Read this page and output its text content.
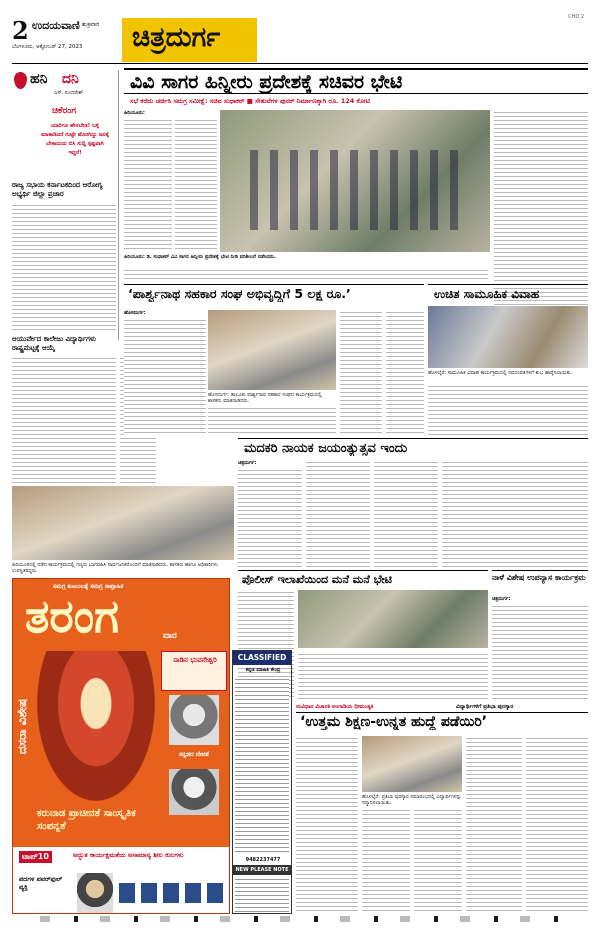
2 ಉದಯವಾಣಿ ಶುಕ್ರವಾರ
ಬೆಂಗಳೂರು, ಅಕ್ಟೋಬರ್ 27, 2023 ಚಿತ್ರದುರ್ಗ
CHD 2
ಹನಿ ದನಿ
ಎಸ್. ಸುಂದರೇಶ್
ಚಿಕೆರಂಗ
ಯಾರಿಗೂ ಹೇಳಬೇಡ! ಬಳ್ಳಿ ಮಾತಾಡಿದರೆ ಗುಟ್ಟೇ ಹೊರಗಿದ್ದು ಜನಕ್ಕೆ ಬೇಕಾದುದು ಬಿಸಿ ಸುದ್ದಿ ಸ್ಪಷ್ಟವಾಗಿ ಇದ್ದರೆ!
ರಾಜ್ಯ ಸಭಾಯ ಕರ್ನಾಟಕದಿಂದ ಆರೋಗ್ಯ ಅಭ್ಯರ್ಥಿ ಜಿಲ್ಲಾ ಪ್ರಚಾರ
ಆಯುರ್ವೇದ ಕಾಲೇಜು ವಿದ್ಯಾರ್ಥಿಗಳು ರಾಷ್ಟ್ರಮಟ್ಟಕ್ಕೆ ಆಯ್ಕೆ
ವಿವಿ ಸಾಗರ ಹಿನ್ನೀರು ಪ್ರದೇಶಕ್ಕೆ ಸಚಿವರ ಭೇಟಿ
ಸಭೆ ಕರೆದು ಚರ್ಚಿಸಿ ಸಮಗ್ರ ಸಮೀಕ್ಷೆ: ಸಚಿವ ಸುಧಾಕರ್ ■ ಸೇತುವೆಗಳ ಪುನರ್ ನಿರ್ಮಾಣಕ್ಕಾಗಿ ರೂ. 124 ಕೋಟಿ
ಹಿರಿಯೂರು:
ಹಿರಿಯೂರು: ಡಿ. ಸುಧಾಕರ್ ವಿವಿ ಸಾಗರ ಹಿನ್ನೀರು ಪ್ರದೇಶಕ್ಕೆ ಭೇಟಿ ನೀಡಿ ಪರಿಶೀಲನೆ ನಡೆಸಿದರು.
‘ಪಾರ್ಶ್ವನಾಥ ಸಹಕಾರ ಸಂಘ ಅಭಿವೃದ್ಧಿಗೆ 5 ಲಕ್ಷ ರೂ.’
ಹೊಸದುರ್ಗ:
ಹೊಸದುರ್ಗ: ತಾಲೂಕು ಪಾರ್ಶ್ವನಾಥ ಸಹಕಾರ ಸಂಘದ ಕಾರ್ಯಕ್ರಮದಲ್ಲಿ ಶಾಸಕರು ಮಾತನಾಡಿದರು.
ಉಚಿತ ಸಾಮೂಹಿಕ ವಿವಾಹ
ಹೊಳಲ್ಕೆರೆ: ಸಾಮೂಹಿಕ ವಿವಾಹ ಕಾರ್ಯಕ್ರಮದಲ್ಲಿ ನವದಂಪತಿಗಳಿಗೆ ಶುಭ ಹಾರೈಸಲಾಯಿತು.
ಹಿರಿಯೂರಿನಲ್ಲಿ ನಡೆದ ಕಾರ್ಯಕ್ರಮದಲ್ಲಿ ಗಣ್ಯರು ಭಾಗವಹಿಸಿ ಸಾರ್ವಜನಿಕರೊಂದಿಗೆ ಮಾತನಾಡಿದರು. ಶಾಸಕರು ಹಾಗೂ ಅಧಿಕಾರಿಗಳು ಉಪಸ್ಥಿತರಿದ್ದರು.
ಮದಕರಿ ನಾಯಕ ಜಯಂತ್ಯುತ್ಸವ ಇಂದು
ಚಿತ್ರದುರ್ಗ:
ಪೊಲೀಸ್ ಇಲಾಖೆಯಿಂದ ಮನೆ ಮನೆ ಭೇಟಿ	ನಾಳೆ ವಿಶೇಷ ಉಪನ್ಯಾಸ ಕಾರ್ಯಕ್ರಮ
ಚಿತ್ರದುರ್ಗ:
ಸಮಗ್ರ ಕುಟುಂಬಕ್ಕೆ ಸಮಗ್ರ ಸಾಪ್ತಾಹಿಕ
ತರಂಗ	ವಾರ
ದಸರಾ ವಿಶೇಷ
ನಾಡಿನ ಭುವನೇಶ್ವರಿ
ಕನ್ನಡದ ದೇವತೆ
ಕರುನಾಡ ಪ್ರಾಚೀನತೆ ಸಾಂಸ್ಕೃತಿಕ ಸಂಪನ್ನತೆ
ಟಾಪ್10	ಅದ್ಭುತ ಕಾರ್ಯಕ್ಷಮತೆಯ ಅಸಾಮಾನ್ಯ ಶೀಲ ಕುಲಗಳು
ಪದಗಳ ಪವರ್‌ಫುಲ್ ವ್ಯಕ್ತಿ
CLASSIFIED
ಕನ್ನಡ ಮಾಹಿತಿ ಕೇಂದ್ರ
9482237477
NEW PLEASE NOTE
ಸಂವಿಧಾನ ವಿಚಾರಕಿ ಅಂಗಾಡಿಯ ಧೀಮಂತ್ಯಕಿ	ವಿದ್ಯಾರ್ಥಿಗಳಿಗೆ ಪ್ರತಿಭಾ ಪುರಸ್ಕಾರ
‘ಉತ್ತಮ ಶಿಕ್ಷಣ-ಉನ್ನತ ಹುದ್ದೆ ಪಡೆಯಿರಿ’
ಹೊಳಲ್ಕೆರೆ: ಪ್ರತಿಭಾ ಪುರಸ್ಕಾರ ಸಮಾರಂಭದಲ್ಲಿ ವಿದ್ಯಾರ್ಥಿಗಳನ್ನು ಸನ್ಮಾನಿಸಲಾಯಿತು.
